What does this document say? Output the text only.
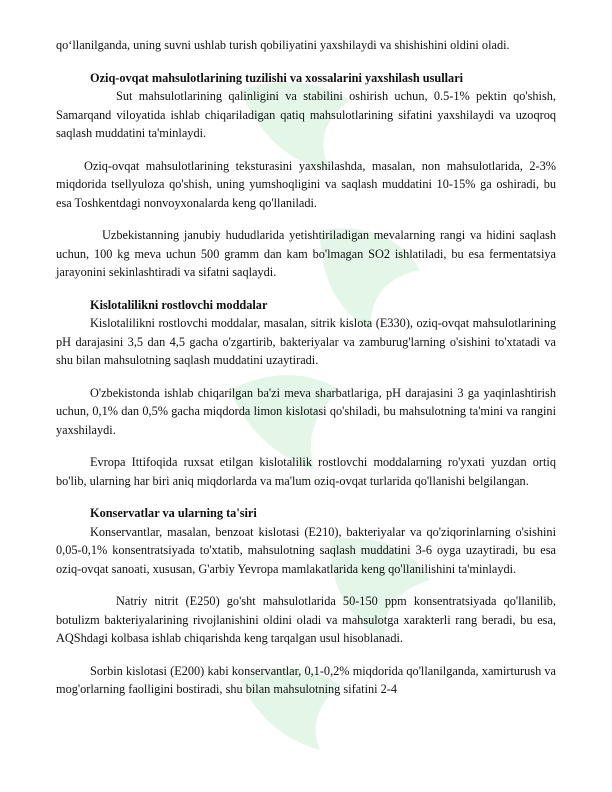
qo‘llanilganda, uning suvni ushlab turish qobiliyatini yaxshilaydi va shishishini oldini oladi.

Oziq-ovqat mahsulotlarining tuzilishi va xossalarini yaxshilash usullari

Sut mahsulotlarining qalinligini va stabilini oshirish uchun, 0.5-1% pektin qo'shish, Samarqand viloyatida ishlab chiqariladigan qatiq mahsulotlarining sifatini yaxshilaydi va uzoqroq saqlash muddatini ta'minlaydi.

Oziq-ovqat mahsulotlarining teksturasini yaxshilashda, masalan, non mahsulotlarida, 2-3% miqdorida tsellyuloza qo'shish, uning yumshoqligini va saqlash muddatini 10-15% ga oshiradi, bu esa Toshkentdagi nonvoyxonalarda keng qo'llaniladi.

Uzbekistanning janubiy hududlarida yetishtiriladigan mevalarning rangi va hidini saqlash uchun, 100 kg meva uchun 500 gramm dan kam bo'lmagan SO2 ishlatiladi, bu esa fermentatsiya jarayonini sekinlashtiradi va sifatni saqlaydi.

Kislotalilikni rostlovchi moddalar

Kislotalilikni rostlovchi moddalar, masalan, sitrik kislota (E330), oziq-ovqat mahsulotlarining pH darajasini 3,5 dan 4,5 gacha o'zgartirib, bakteriyalar va zamburug'larning o'sishini to'xtatadi va shu bilan mahsulotning saqlash muddatini uzaytiradi.

O'zbekistonda ishlab chiqarilgan ba'zi meva sharbatlariga, pH darajasini 3 ga yaqinlashtirish uchun, 0,1% dan 0,5% gacha miqdorda limon kislotasi qo'shiladi, bu mahsulotning ta'mini va rangini yaxshilaydi.

Evropa Ittifoqida ruxsat etilgan kislotalilik rostlovchi moddalarning ro'yxati yuzdan ortiq bo'lib, ularning har biri aniq miqdorlarda va ma'lum oziq-ovqat turlarida qo'llanishi belgilangan.

Konservatlar va ularning ta'siri

Konservantlar, masalan, benzoat kislotasi (E210), bakteriyalar va qo'ziqorinlarning o'sishini 0,05-0,1% konsentratsiyada to'xtatib, mahsulotning saqlash muddatini 3-6 oyga uzaytiradi, bu esa oziq-ovqat sanoati, xususan, G'arbiy Yevropa mamlakatlarida keng qo'llanilishini ta'minlaydi.

Natriy nitrit (E250) go'sht mahsulotlarida 50-150 ppm konsentratsiyada qo'llanilib, botulizm bakteriyalarining rivojlanishini oldini oladi va mahsulotga xarakterli rang beradi, bu esa, AQShdagi kolbasa ishlab chiqarishda keng tarqalgan usul hisoblanadi.

Sorbin kislotasi (E200) kabi konservantlar, 0,1-0,2% miqdorida qo'llanilganda, xamirturush va mog'orlarning faolligini bostiradi, shu bilan mahsulotning sifatini 2-4
